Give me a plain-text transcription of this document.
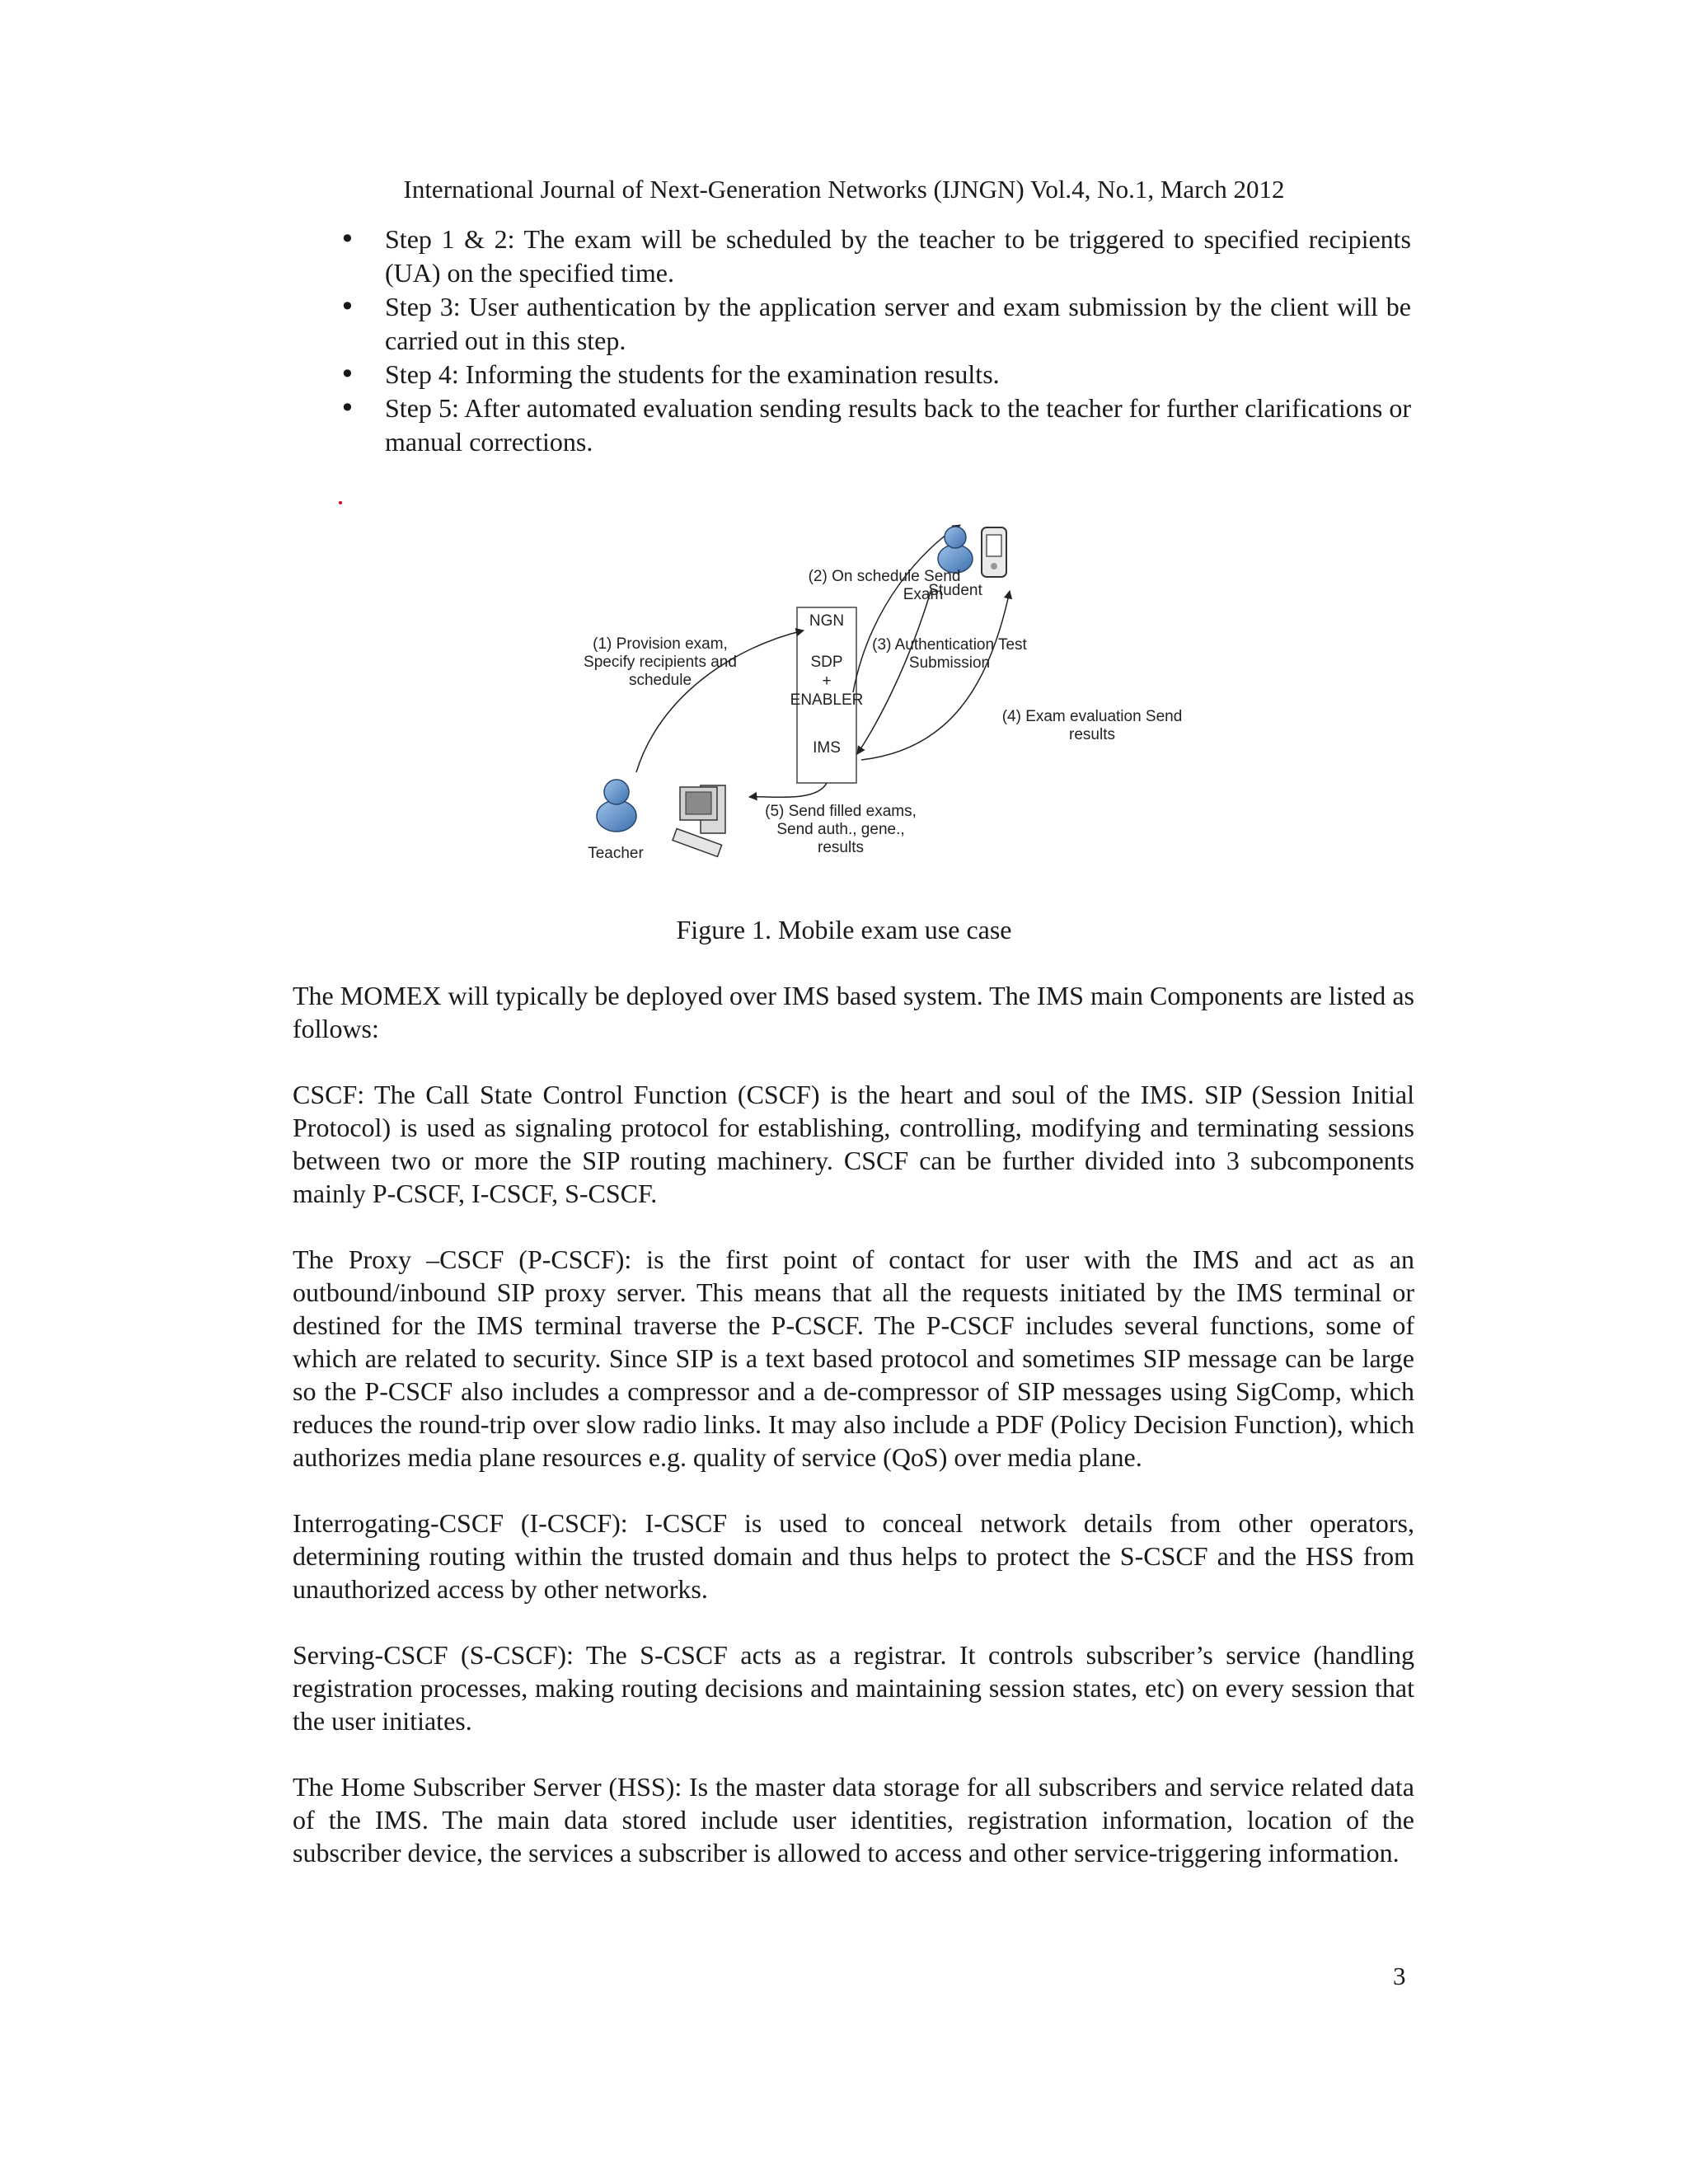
International Journal of Next-Generation Networks (IJNGN) Vol.4, No.1, March 2012
• Step 1 & 2: The exam will be scheduled by the teacher to be triggered to specified recipients (UA) on the specified time.
• Step 3: User authentication by the application server and exam submission by the client will be carried out in this step.
• Step 4: Informing the students for the examination results.
• Step 5: After automated evaluation sending results back to the teacher for further clarifications or manual corrections.
NGN
SDP
+
ENABLER
IMS
Student
Teacher
(1) Provision exam,
Specify recipients and
schedule
(2) On schedule Send
Exam
(3) Authentication Test
Submission
(4) Exam evaluation Send
results
(5) Send filled exams,
Send auth., gene.,
results
Figure 1. Mobile exam use case

The MOMEX will typically be deployed over IMS based system. The IMS main Components are listed as follows:

CSCF: The Call State Control Function (CSCF) is the heart and soul of the IMS. SIP (Session Initial Protocol) is used as signaling protocol for establishing, controlling, modifying and terminating sessions between two or more the SIP routing machinery. CSCF can be further divided into 3 subcomponents mainly P-CSCF, I-CSCF, S-CSCF.

The Proxy –CSCF (P-CSCF): is the first point of contact for user with the IMS and act as an outbound/inbound SIP proxy server. This means that all the requests initiated by the IMS terminal or destined for the IMS terminal traverse the P-CSCF. The P-CSCF includes several functions, some of which are related to security. Since SIP is a text based protocol and sometimes SIP message can be large so the P-CSCF also includes a compressor and a de-compressor of SIP messages using SigComp, which reduces the round-trip over slow radio links. It may also include a PDF (Policy Decision Function), which authorizes media plane resources e.g. quality of service (QoS) over media plane.

Interrogating-CSCF (I-CSCF): I-CSCF is used to conceal network details from other operators, determining routing within the trusted domain and thus helps to protect the S-CSCF and the HSS from unauthorized access by other networks.

Serving-CSCF (S-CSCF): The S-CSCF acts as a registrar. It controls subscriber’s service (handling registration processes, making routing decisions and maintaining session states, etc) on every session that the user initiates.

The Home Subscriber Server (HSS): Is the master data storage for all subscribers and service related data of the IMS. The main data stored include user identities, registration information, location of the subscriber device, the services a subscriber is allowed to access and other service-triggering information.

3
